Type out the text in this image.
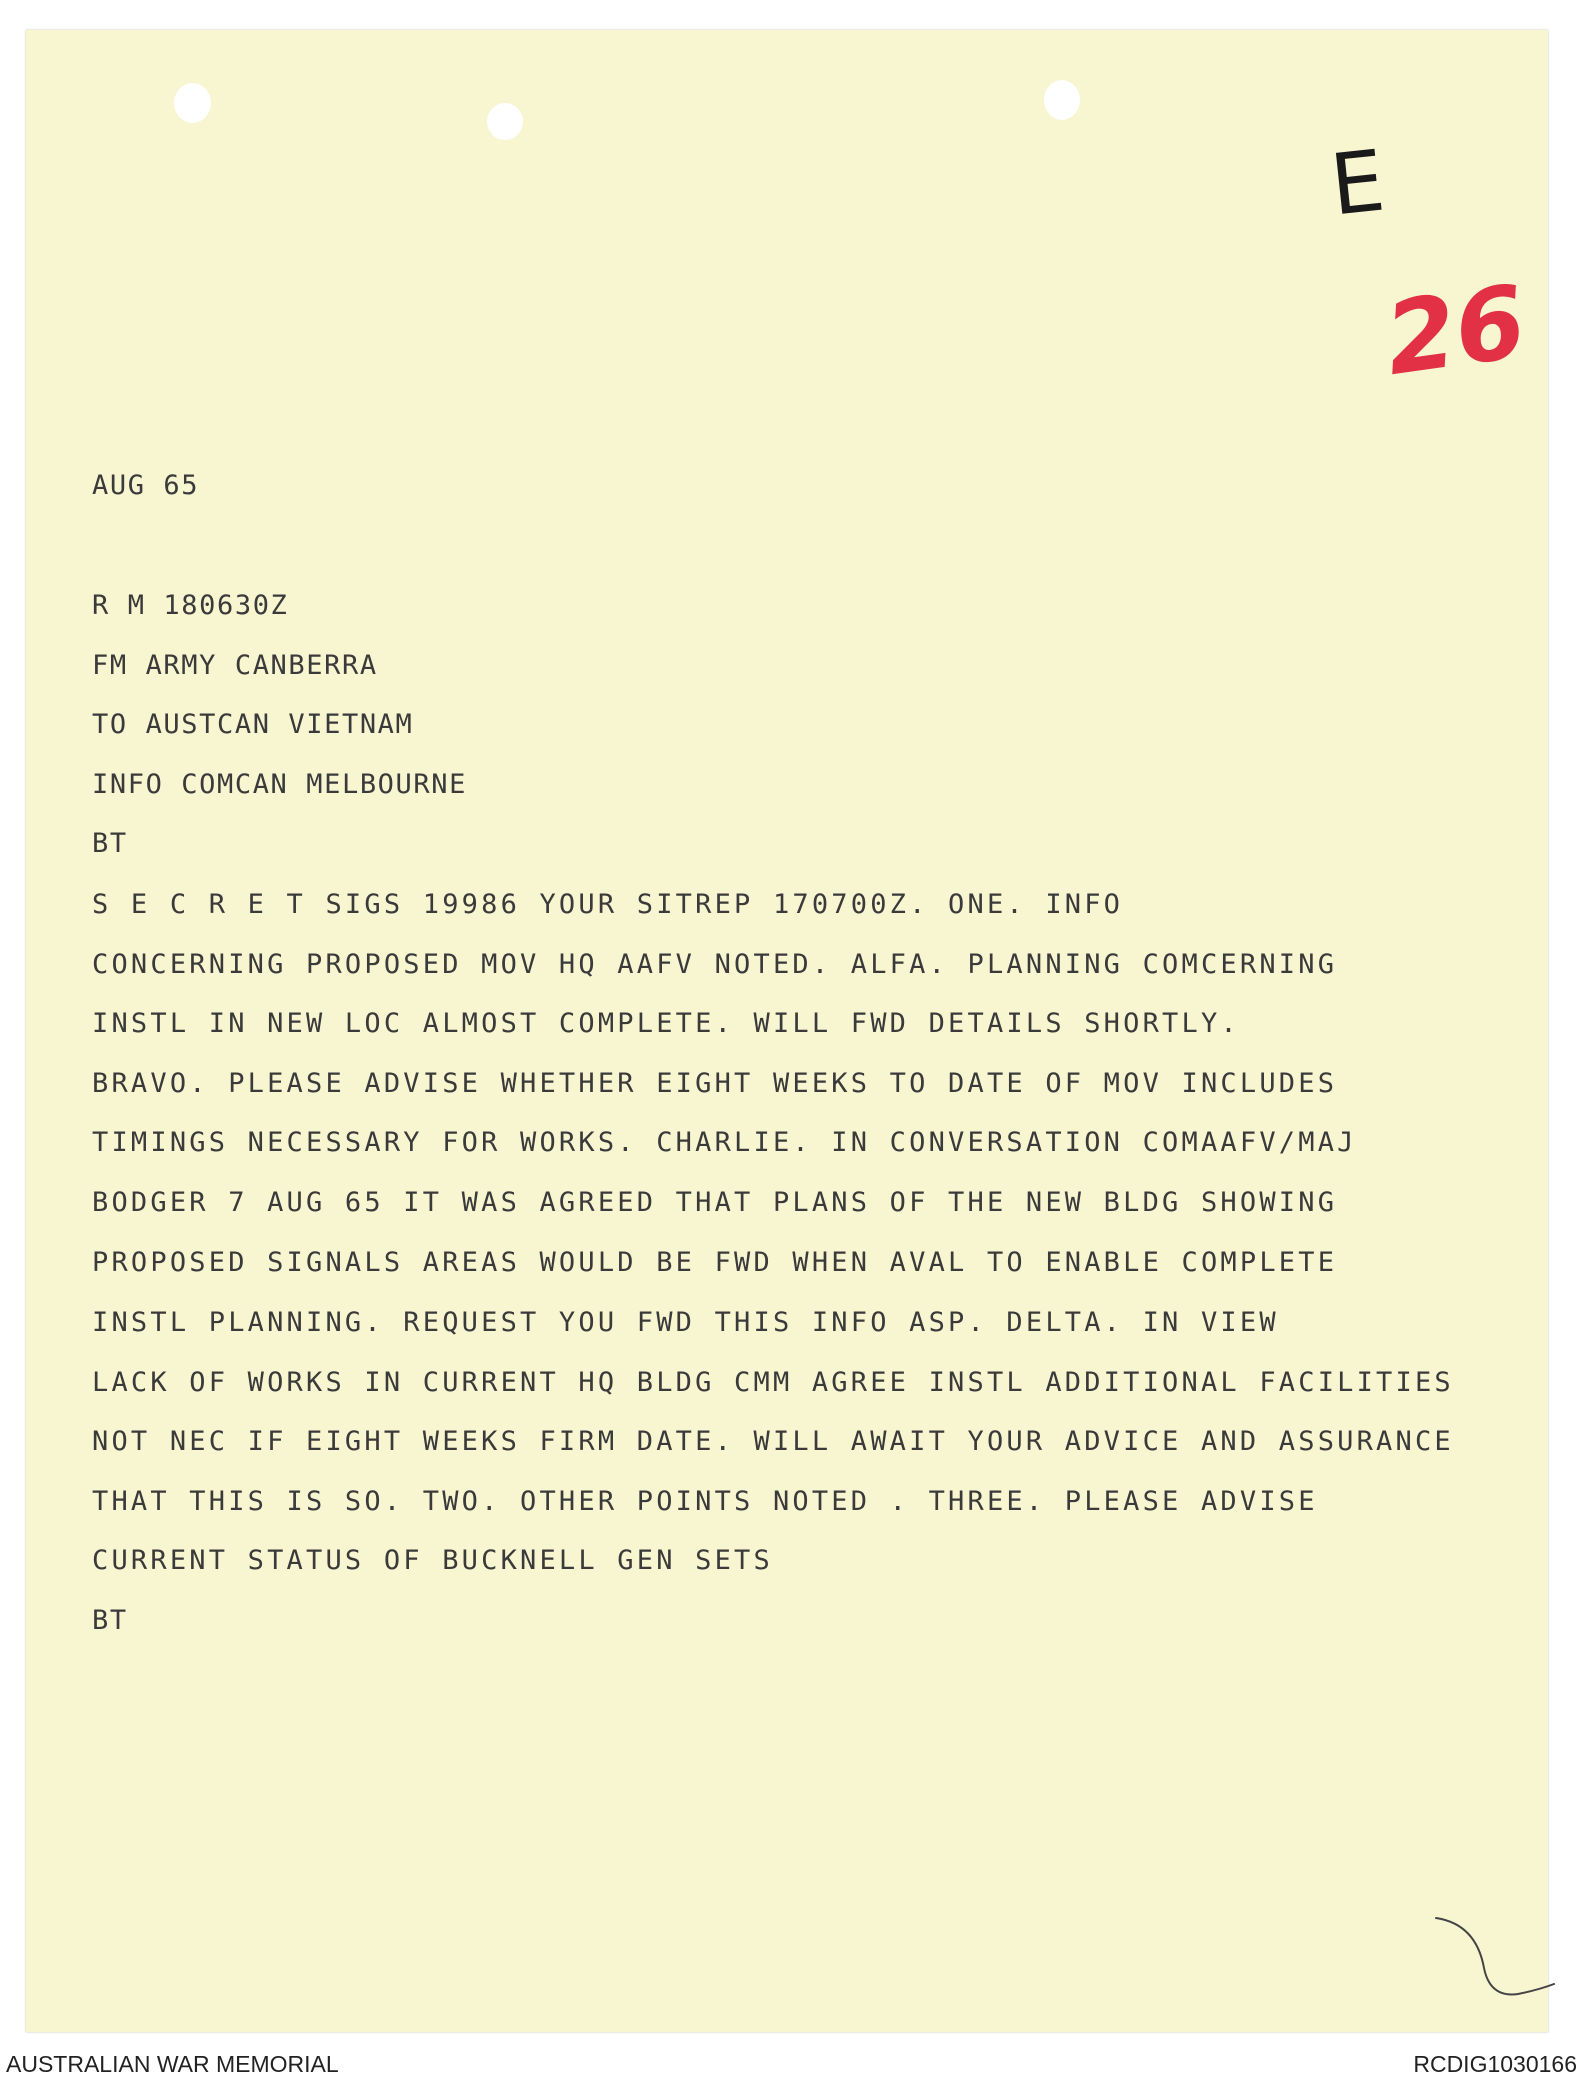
E
26
AUG 65
R M 180630Z
FM ARMY CANBERRA
TO AUSTCAN VIETNAM
INFO COMCAN MELBOURNE
BT
S E C R E T SIGS 19986 YOUR SITREP 170700Z. ONE. INFO
CONCERNING PROPOSED MOV HQ AAFV NOTED. ALFA. PLANNING COMCERNING
INSTL IN NEW LOC ALMOST COMPLETE. WILL FWD DETAILS SHORTLY.
BRAVO. PLEASE ADVISE WHETHER EIGHT WEEKS TO DATE OF MOV INCLUDES
TIMINGS NECESSARY FOR WORKS. CHARLIE. IN CONVERSATION COMAAFV/MAJ
BODGER 7 AUG 65 IT WAS AGREED THAT PLANS OF THE NEW BLDG SHOWING
PROPOSED SIGNALS AREAS WOULD BE FWD WHEN AVAL TO ENABLE COMPLETE
INSTL PLANNING. REQUEST YOU FWD THIS INFO ASP. DELTA. IN VIEW
LACK OF WORKS IN CURRENT HQ BLDG CMM AGREE INSTL ADDITIONAL FACILITIES
NOT NEC IF EIGHT WEEKS FIRM DATE. WILL AWAIT YOUR ADVICE AND ASSURANCE
THAT THIS IS SO. TWO. OTHER POINTS NOTED . THREE. PLEASE ADVISE
CURRENT STATUS OF BUCKNELL GEN SETS
BT
AUSTRALIAN WAR MEMORIAL	RCDIG1030166
